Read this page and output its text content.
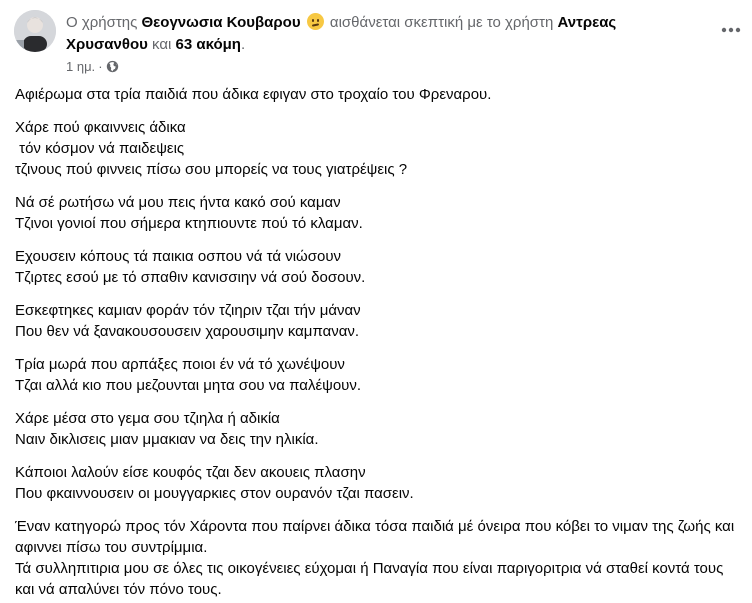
Ο χρήστης Θεογνωσια Κουβαρου αισθάνεται σκεπτική με το χρήστη Αντρεας Χρυσανθου και 63 ακόμη.
1 ημ. ·
Αφιέρωμα στα τρία παιδιά που άδικα εφιγαν στο τροχαίο του Φρεναρου.
Χάρε πού φκαιννεις άδικα
τόν κόσμον νά παιδεψεις
τζινους πού φιννεις πίσω σου μπορείς να τους γιατρέψεις ?
Νά σέ ρωτήσω νά μου πεις ήντα κακό σού καμαν
Τζινοι γονιοί που σήμερα κτηπιουντε πού τό κλαμαν.
Εχουσειν κόπους τά παικια οσπου νά τά νιώσουν
Τζιρτες εσού με τό σπαθιν κανισσιην νά σού δοσουν.
Εσκεφτηκες καμιαν φοράν τόν τζιηριν τζαι τήν μάναν
Που θεν νά ξανακουσουσειν χαρουσιμην καμπαναν.
Τρία μωρά που αρπάξες ποιοι έν νά τό χωνέψουν
Τζαι αλλά κιο που μεζουνται μητα σου να παλέψουν.
Χάρε μέσα στο γεμα σου τζιηλα ή αδικία
Ναιν δικλισεις μιαν μμακιαν να δεις την ηλικία.
Κάποιοι λαλούν είσε κουφός τζαι δεν ακουεις πλασην
Που φκαιννουσειν οι μουγγαρκιες στον ουρανόν τζαι πασειν.
Έναν κατηγορώ προς τόν Χάροντα που παίρνει άδικα τόσα παιδιά μέ όνειρα που κόβει το νιμαν της ζωής και αφιννει πίσω του συντρίμμια.
Τά συλληπιτιρια μου σε όλες τις οικογένειες εύχομαι ή Παναγία που είναι παριγοριτρια νά σταθεί κοντά τους και νά απαλύνει τόν πόνο τους.
